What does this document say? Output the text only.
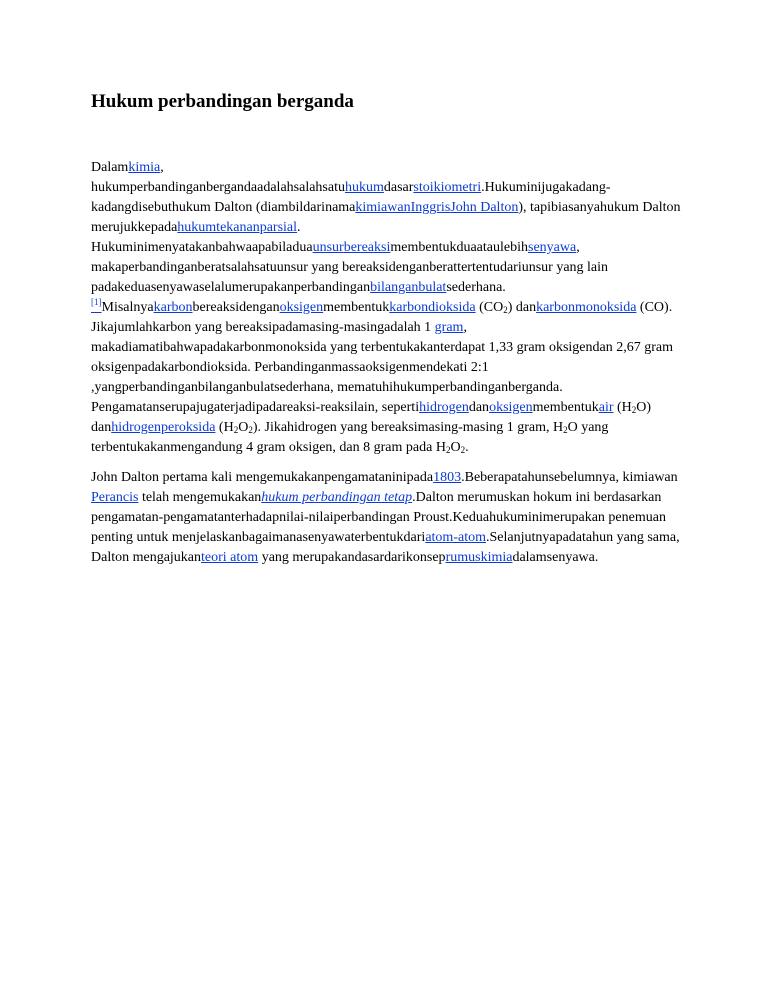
Hukum perbandingan berganda

Dalamkimia,
hukumperbandinganbergandaadalahsalahsatuhukumdasarstoikiometri.Hukuminijugakadang-kadangdisebuthukum Dalton (diambildarinamakimiawanInggrisJohn Dalton), tapibiasanyahukum Dalton merujukkepadahukumtekananparsial. Hukuminimenyatakanbahwaapabiladuaunsurbereaksimembentukduaataulebihsenyawa, makaperbandinganberatsalahsatuunsur yang bereaksidenganberattertentudariunsur yang lain padakeduasenyawaselalumerupakanperbandinganbilanganbulatsederhana.[1]Misalnyakarbonbereaksidenganoksigenmembentukkarbondioksida $(CO_2)$ dankarbonmonoksida (CO). Jikajumlahkarbon yang bereaksipadamasing-masingadalah 1 gram, makadiamatibahwapadakarbonmonoksida yang terbentukakanterdapat 1,33 gram oksigendan 2,67 gram oksigenpadakarbondioksida. Perbandinganmassaoksigenmendekati 2:1 ,yangperbandinganbilanganbulatsederhana, mematuhihukumperbandinganberganda. Pengamatanserupajugaterjadipadareaksi-reaksilain, sepertihidrogendanoksigenmembentukair $(H_2O)$ danhidrogenperoksida $(H_2O_2)$. Jikahidrogen yang bereaksimasing-masing 1 gram, $H_2O$ yang terbentukakanmengandung 4 gram oksigen, dan 8 gram pada $H_2O_2$.

John Dalton pertama kali mengemukakanpengamataninipada1803.Beberapatahunsebelumnya, kimiawan Perancis telah mengemukakanhukum perbandingan tetap.Dalton merumuskan hokum ini berdasarkan pengamatan-pengamatanterhadapnilai-nilaiperbandingan Proust.Keduahukuminimerupakan penemuan penting untuk menjelaskanbagaimanasenyawaterbentukdariatom-atom.Selanjutnyapadatahun yang sama, Dalton mengajukanteori atom yang merupakandasardarikonseprumuskimiadalamsenyawa.
